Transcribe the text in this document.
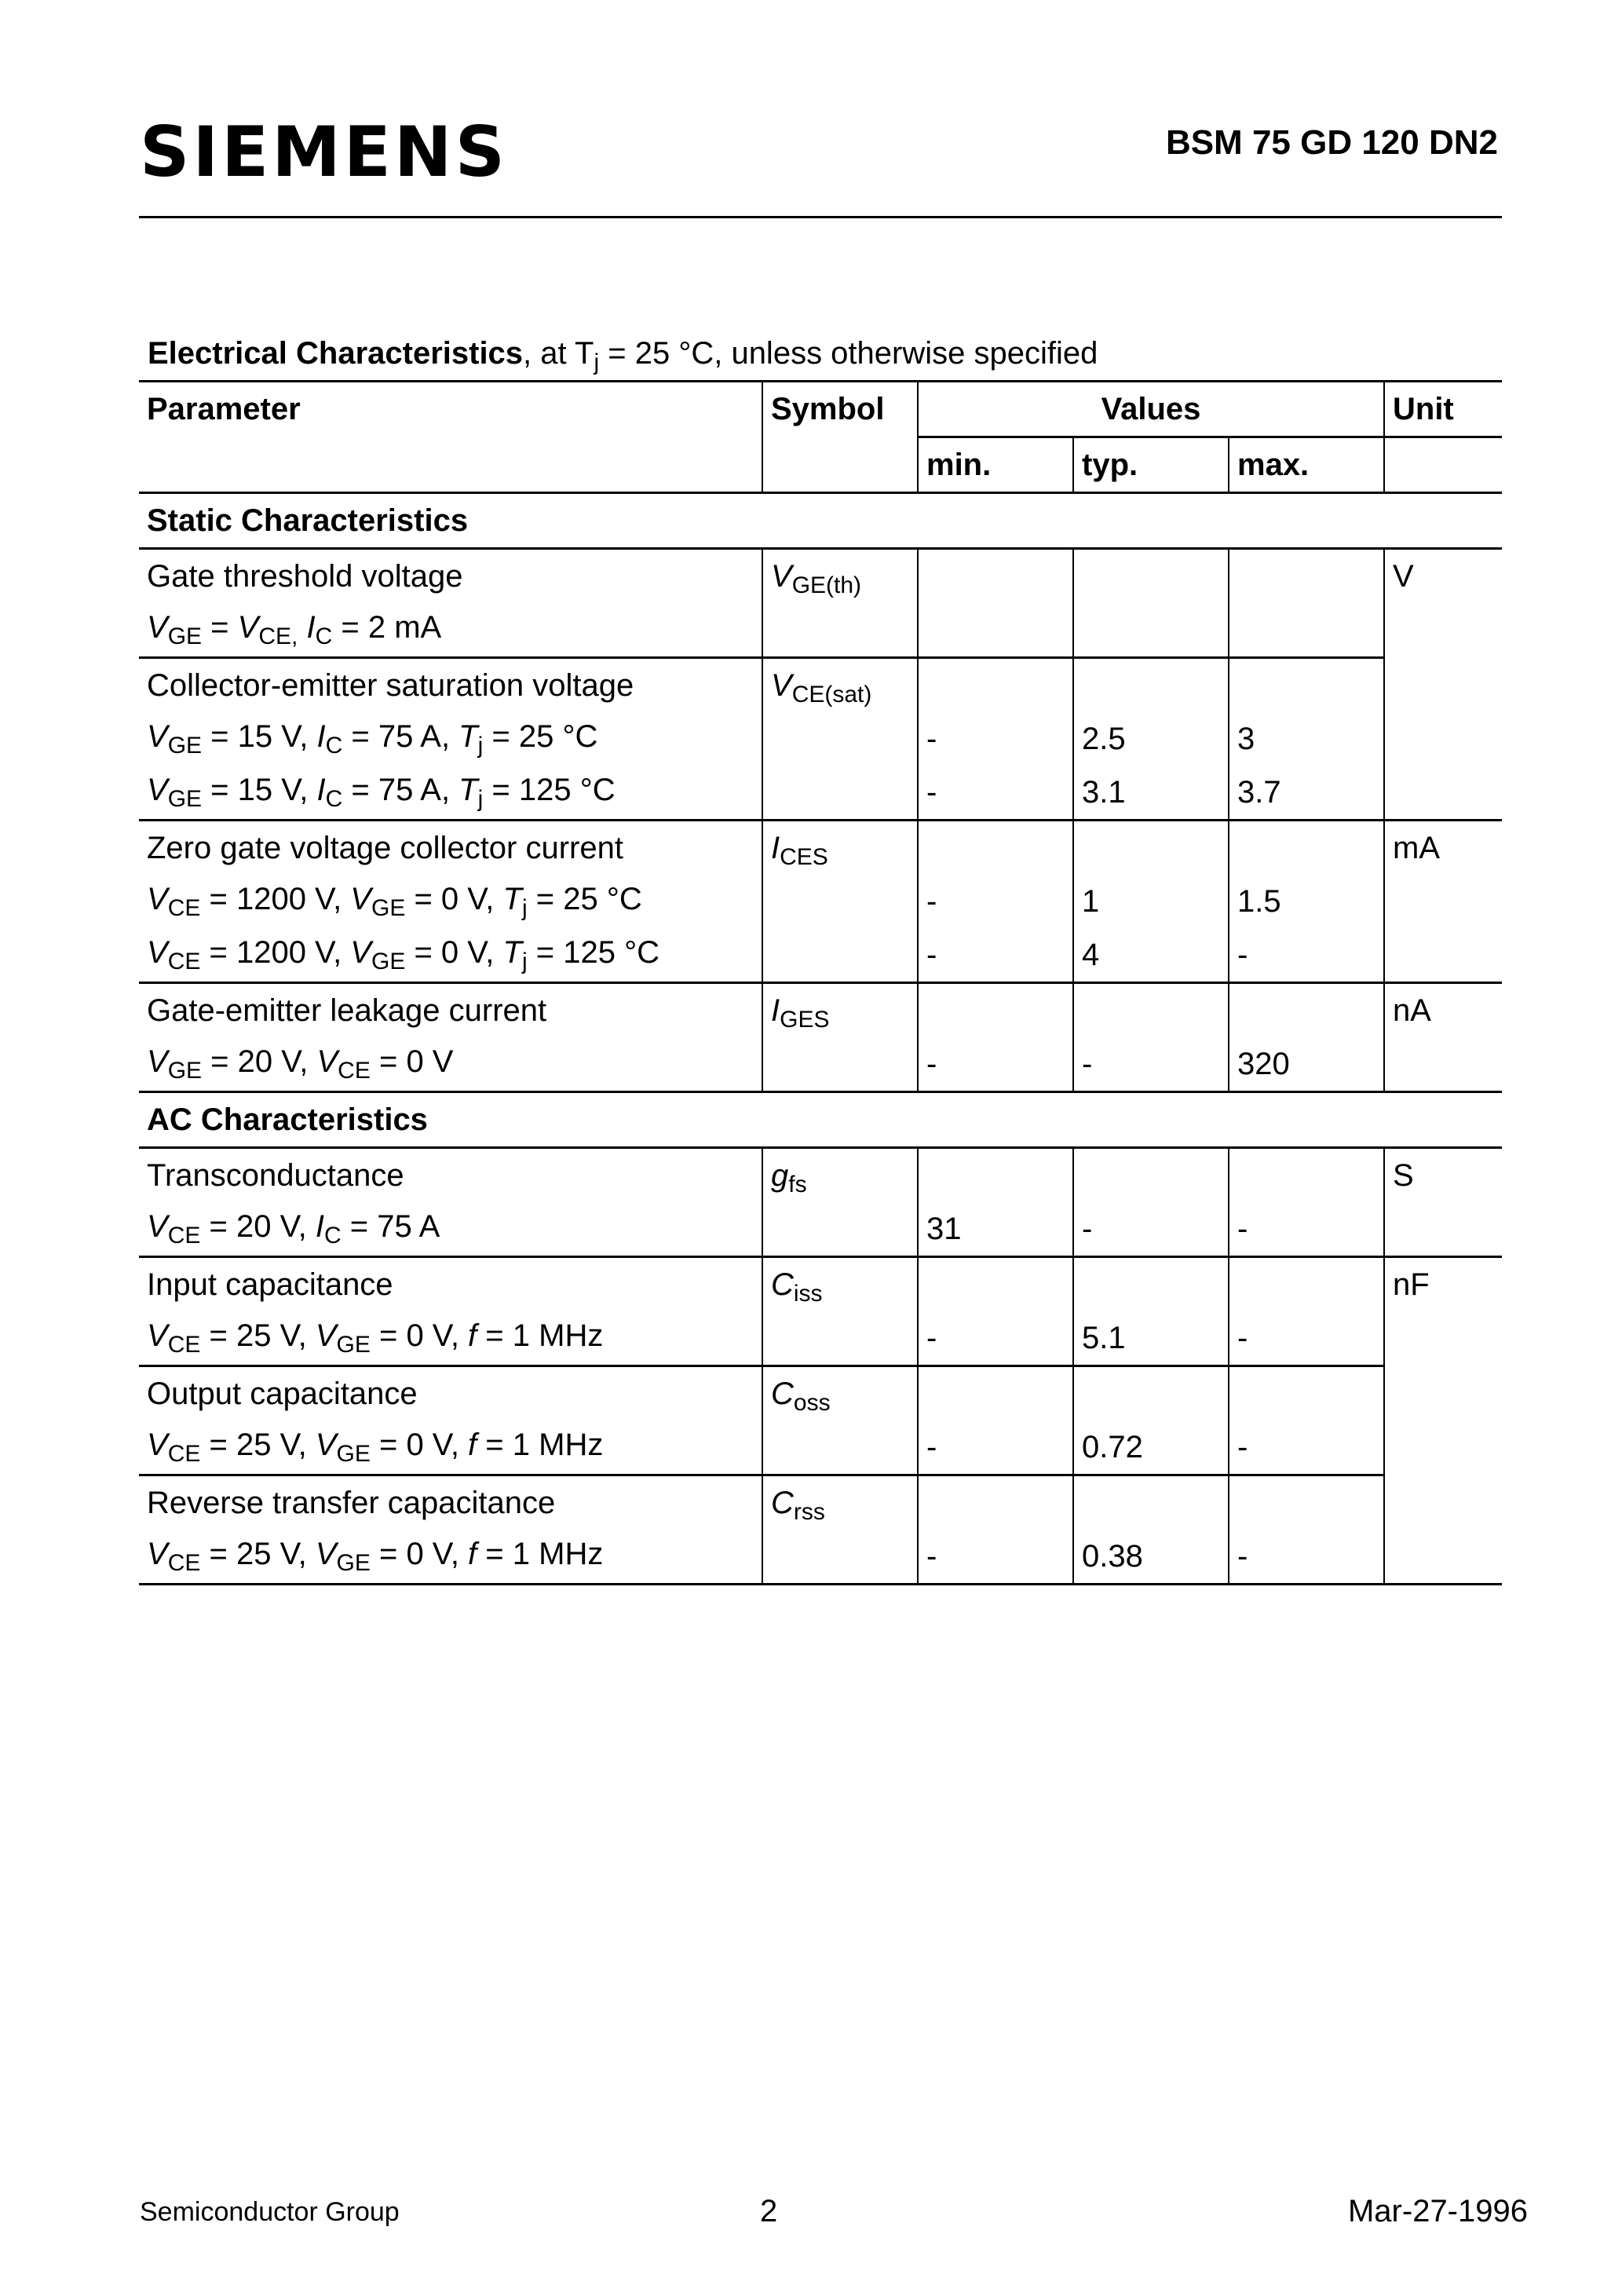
SIEMENS	BSM 75 GD 120 DN2
Electrical Characteristics, at $T_j = 25$ °C, unless otherwise specified
Parameter	Symbol	Values			Unit
		min.	typ.	max.	
Static Characteristics					
Gate threshold voltage	$V_{GE(th)}$				V
$V_{GE} = V_{CE,}$ $I_C = 2$ mA					
Collector-emitter saturation voltage	$V_{CE(sat)}$			
$V_{GE} = 15$ V, $I_C = 75$ A, $T_j = 25$ °C		-	2.5	3	
$V_{GE} = 15$ V, $I_C = 75$ A, $T_j = 125$ °C		-	3.1	3.7	
Zero gate voltage collector current	$I_{CES}$				mA
$V_{CE} = 1200$ V, $V_{GE} = 0$ V, $T_j = 25$ °C		-	1	1.5	
$V_{CE} = 1200$ V, $V_{GE} = 0$ V, $T_j = 125$ °C		-	4	-	
Gate-emitter leakage current	$I_{GES}$				nA
$V_{GE} = 20$ V, $V_{CE} = 0$ V		-	-	320	
AC Characteristics					
Transconductance	$g_{fs}$				S
$V_{CE} = 20$ V, $I_C = 75$ A		31	-	-	
Input capacitance	$C_{iss}$				nF
$V_{CE} = 25$ V, $V_{GE} = 0$ V, f = 1 MHz		-	5.1	-	
Output capacitance	$C_{oss}$			
$V_{CE} = 25$ V, $V_{GE} = 0$ V, f = 1 MHz		-	0.72	-	
Reverse transfer capacitance	$C_{rss}$			
$V_{CE} = 25$ V, $V_{GE} = 0$ V, f = 1 MHz		-	0.38	-	
Semiconductor Group	2	Mar-27-1996
